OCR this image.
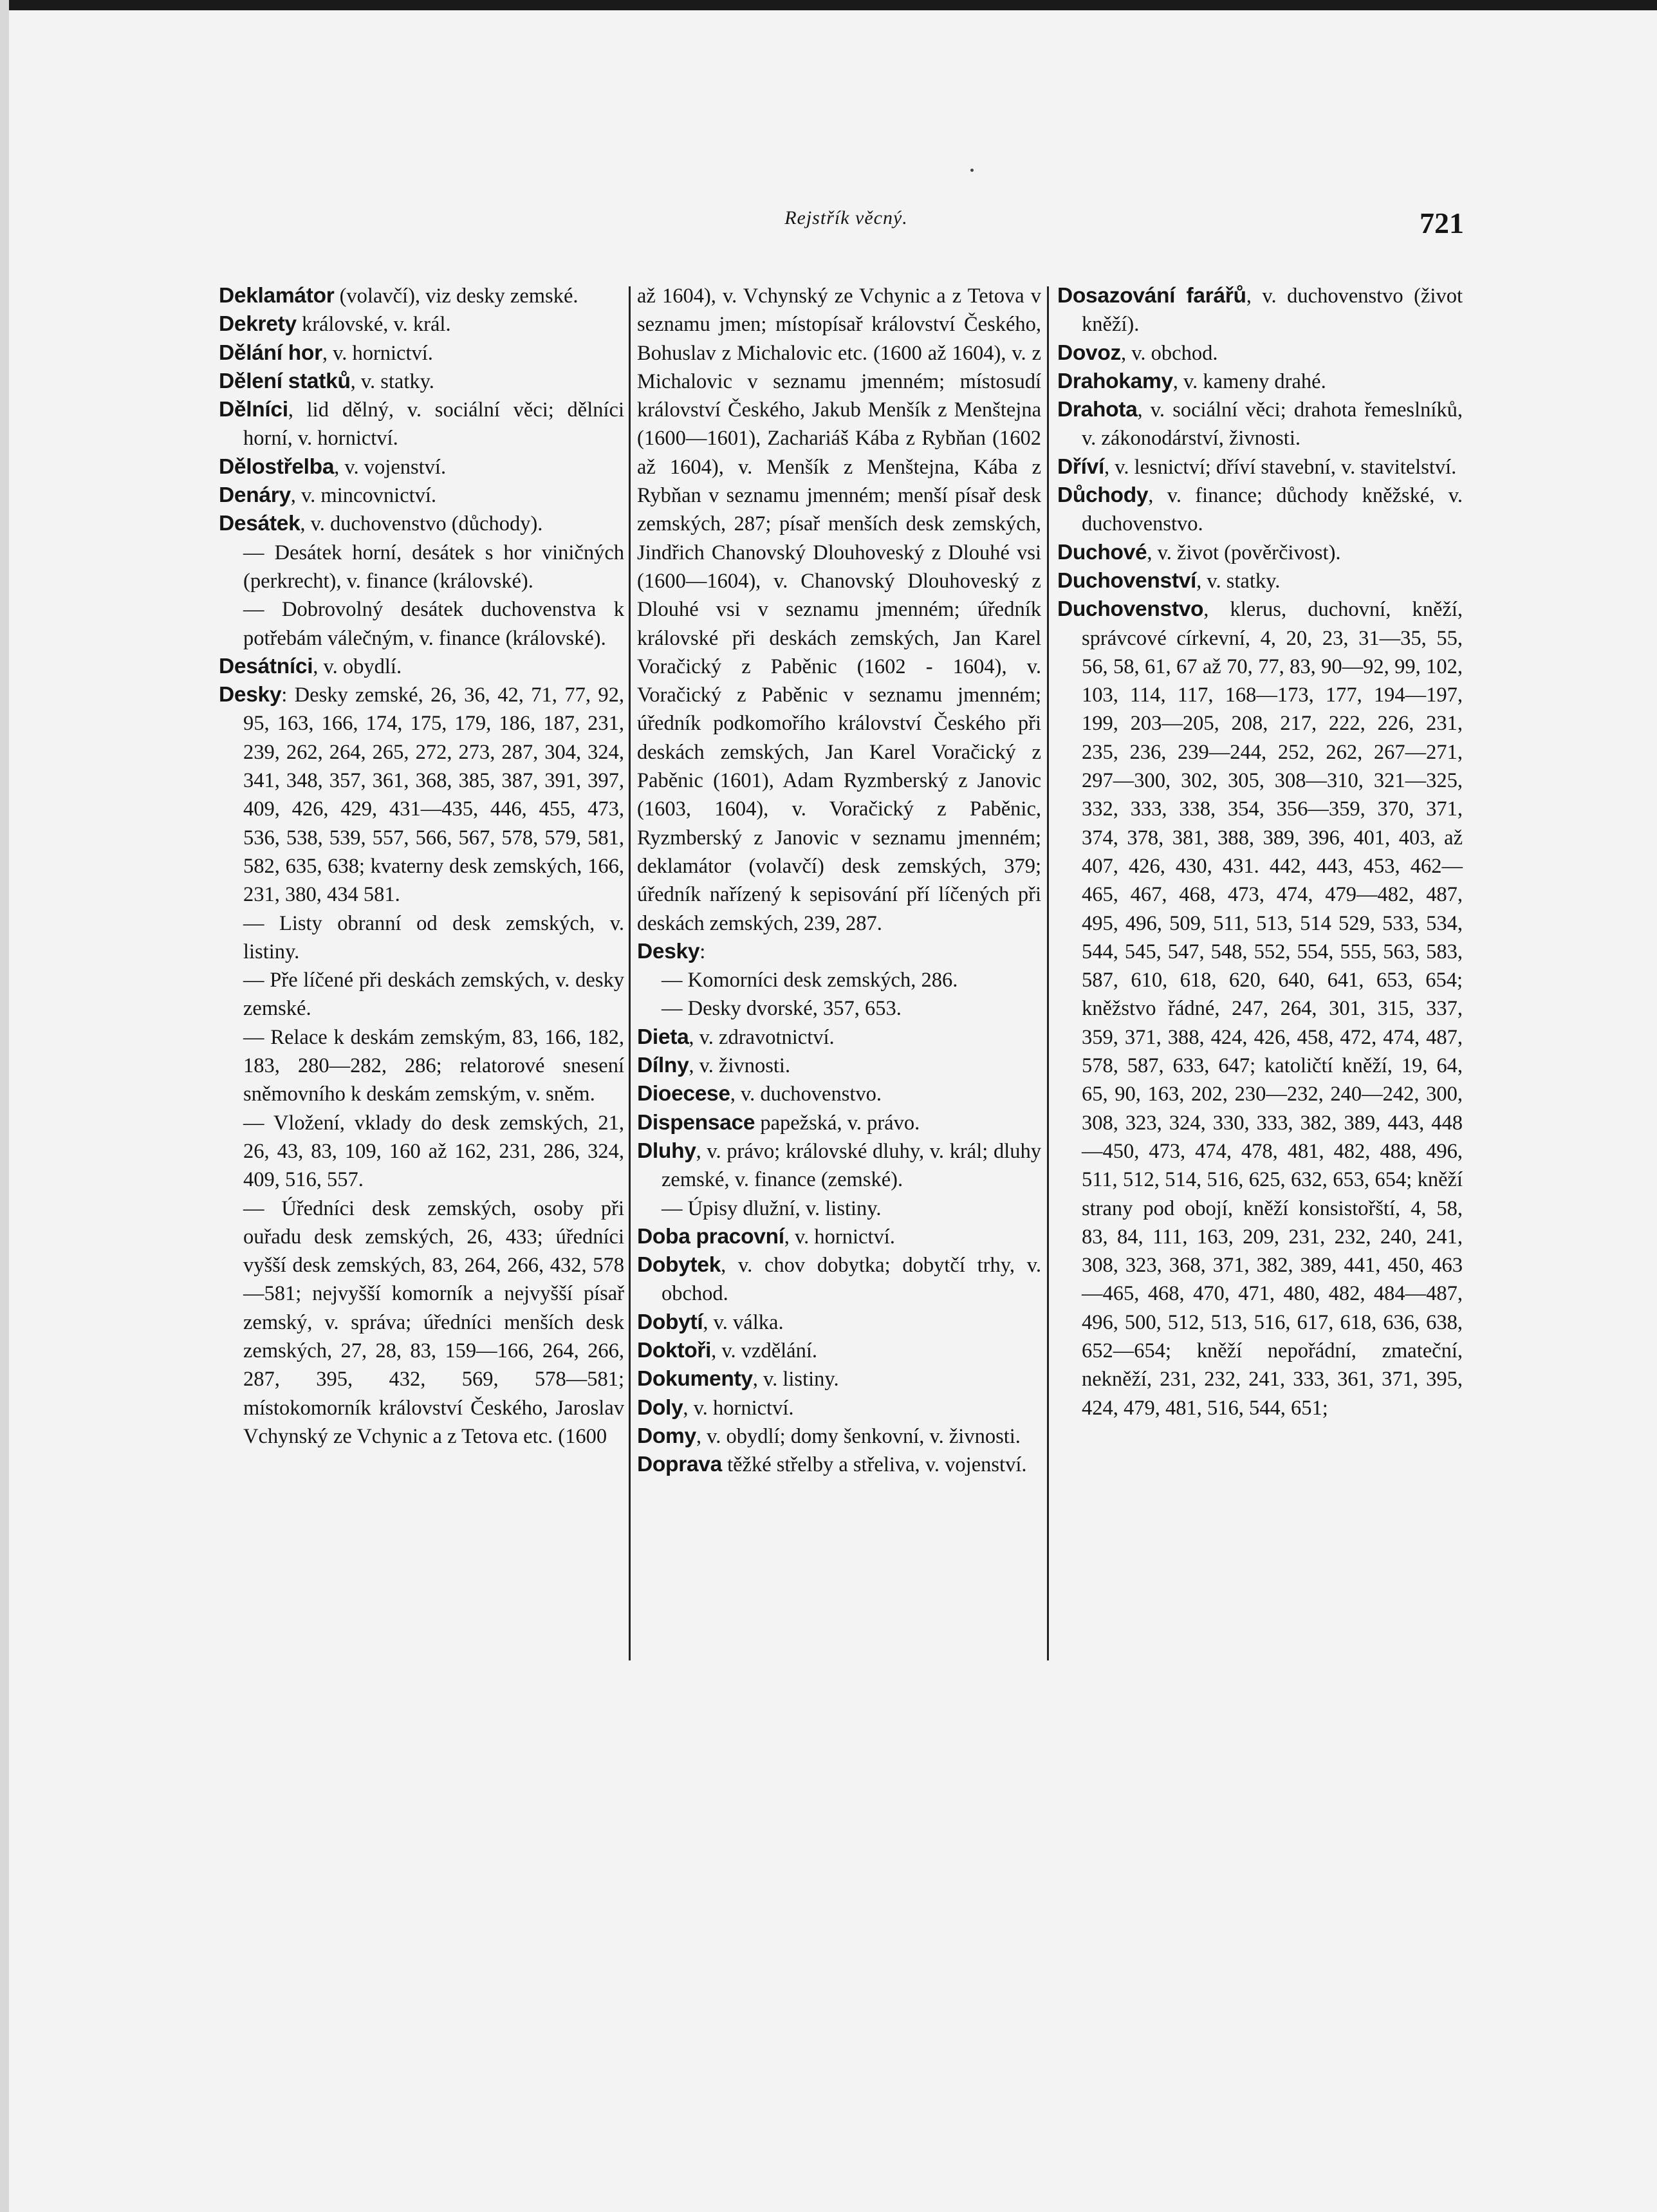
Rejstřík věcný.	721
Deklamátor (volavčí), viz desky zemské.
Dekrety královské, v. král.
Dělání hor, v. hornictví.
Dělení statků, v. statky.
Dělníci, lid dělný, v. sociální věci; dělníci horní, v. hornictví.
Dělostřelba, v. vojenství.
Denáry, v. mincovnictví.
Desátek, v. duchovenstvo (důchody).
— Desátek horní, desátek s hor viničných (perkrecht), v. finance (královské).
— Dobrovolný desátek duchovenstva k potřebám válečným, v. finance (královské).
Desátníci, v. obydlí.
Desky: Desky zemské, 26, 36, 42, 71, 77, 92, 95, 163, 166, 174, 175, 179, 186, 187, 231, 239, 262, 264, 265, 272, 273, 287, 304, 324, 341, 348, 357, 361, 368, 385, 387, 391, 397, 409, 426, 429, 431—435, 446, 455, 473, 536, 538, 539, 557, 566, 567, 578, 579, 581, 582, 635, 638; kvaterny desk zemských, 166, 231, 380, 434 581.
— Listy obranní od desk zemských, v. listiny.
— Pře líčené při deskách zemských, v. desky zemské.
— Relace k deskám zemským, 83, 166, 182, 183, 280—282, 286; relatorové snesení sněmovního k deskám zemským, v. sněm.
— Vložení, vklady do desk zemských, 21, 26, 43, 83, 109, 160 až 162, 231, 286, 324, 409, 516, 557.
— Úředníci desk zemských, osoby při ouřadu desk zemských, 26, 433; úředníci vyšší desk zemských, 83, 264, 266, 432, 578—581; nejvyšší komorník a nejvyšší písař zemský, v. správa; úředníci menších desk zemských, 27, 28, 83, 159—166, 264, 266, 287, 395, 432, 569, 578—581; místokomorník království Českého, Jaroslav Vchynský ze Vchynic a z Tetova etc. (1600
až 1604), v. Vchynský ze Vchynic a z Tetova v seznamu jmen; místopísař království Českého, Bohuslav z Michalovic etc. (1600 až 1604), v. z Michalovic v seznamu jmenném; místosudí království Českého, Jakub Menšík z Menštejna (1600—1601), Zachariáš Kába z Rybňan (1602 až 1604), v. Menšík z Menštejna, Kába z Rybňan v seznamu jmenném; menší písař desk zemských, 287; písař menších desk zemských, Jindřich Chanovský Dlouhoveský z Dlouhé vsi (1600—1604), v. Chanovský Dlouhoveský z Dlouhé vsi v seznamu jmenném; úředník královské při deskách zemských, Jan Karel Voračický z Paběnic (1602 - 1604), v. Voračický z Paběnic v seznamu jmenném; úředník podkomořího království Českého při deskách zemských, Jan Karel Voračický z Paběnic (1601), Adam Ryzmberský z Janovic (1603, 1604), v. Voračický z Paběnic, Ryzmberský z Janovic v seznamu jmenném; deklamátor (volavčí) desk zemských, 379; úředník nařízený k sepisování pří líčených při deskách zemských, 239, 287.
Desky:
— Komorníci desk zemských, 286.
— Desky dvorské, 357, 653.
Dieta, v. zdravotnictví.
Dílny, v. živnosti.
Dioecese, v. duchovenstvo.
Dispensace papežská, v. právo.
Dluhy, v. právo; královské dluhy, v. král; dluhy zemské, v. finance (zemské).
— Úpisy dlužní, v. listiny.
Doba pracovní, v. hornictví.
Dobytek, v. chov dobytka; dobytčí trhy, v. obchod.
Dobytí, v. válka.
Doktoři, v. vzdělání.
Dokumenty, v. listiny.
Doly, v. hornictví.
Domy, v. obydlí; domy šenkovní, v. živnosti.
Doprava těžké střelby a střeliva, v. vojenství.
Dosazování farářů, v. duchovenstvo (život kněží).
Dovoz, v. obchod.
Drahokamy, v. kameny drahé.
Drahota, v. sociální věci; drahota řemeslníků, v. zákonodárství, živnosti.
Dříví, v. lesnictví; dříví stavební, v. stavitelství.
Důchody, v. finance; důchody kněžské, v. duchovenstvo.
Duchové, v. život (pověrčivost).
Duchovenství, v. statky.
Duchovenstvo, klerus, duchovní, kněží, správcové církevní, 4, 20, 23, 31—35, 55, 56, 58, 61, 67 až 70, 77, 83, 90—92, 99, 102, 103, 114, 117, 168—173, 177, 194—197, 199, 203—205, 208, 217, 222, 226, 231, 235, 236, 239—244, 252, 262, 267—271, 297—300, 302, 305, 308—310, 321—325, 332, 333, 338, 354, 356—359, 370, 371, 374, 378, 381, 388, 389, 396, 401, 403, až 407, 426, 430, 431. 442, 443, 453, 462—465, 467, 468, 473, 474, 479—482, 487, 495, 496, 509, 511, 513, 514 529, 533, 534, 544, 545, 547, 548, 552, 554, 555, 563, 583, 587, 610, 618, 620, 640, 641, 653, 654; kněžstvo řádné, 247, 264, 301, 315, 337, 359, 371, 388, 424, 426, 458, 472, 474, 487, 578, 587, 633, 647; katoličtí kněží, 19, 64, 65, 90, 163, 202, 230—232, 240—242, 300, 308, 323, 324, 330, 333, 382, 389, 443, 448—450, 473, 474, 478, 481, 482, 488, 496, 511, 512, 514, 516, 625, 632, 653, 654; kněží strany pod obojí, kněží konsistořští, 4, 58, 83, 84, 111, 163, 209, 231, 232, 240, 241, 308, 323, 368, 371, 382, 389, 441, 450, 463—465, 468, 470, 471, 480, 482, 484—487, 496, 500, 512, 513, 516, 617, 618, 636, 638, 652—654; kněží nepořádní, zmateční, nekněží, 231, 232, 241, 333, 361, 371, 395, 424, 479, 481, 516, 544, 651;
